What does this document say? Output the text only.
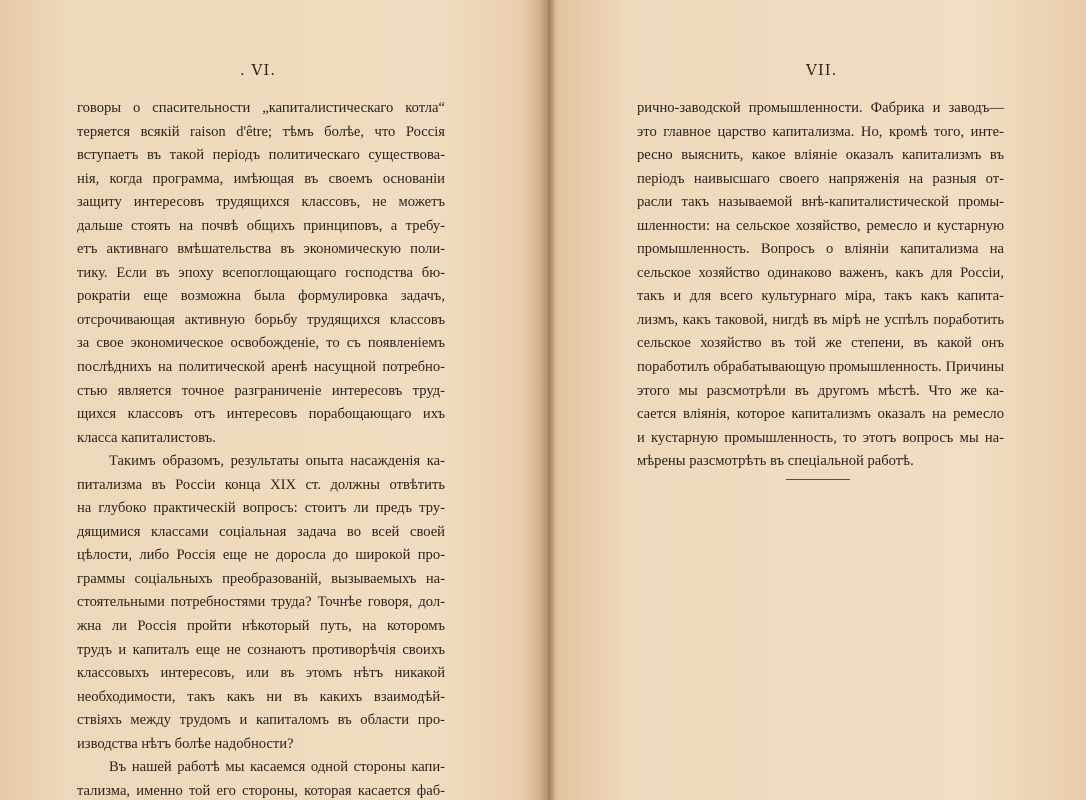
. VI.
говоры о спасительности „капиталистическаго котла“
теряется всякій raison d'être; тѣмъ болѣе, что Россія
вступаетъ въ такой періодъ политическаго существова-
нія, когда программа, имѣющая въ своемъ основаніи
защиту интересовъ трудящихся классовъ, не можетъ
дальше стоять на почвѣ общихъ принциповъ, а требу-
етъ активнаго вмѣшательства въ экономическую поли-
тику. Если въ эпоху всепоглощающаго господства бю-
рократіи еще возможна была формулировка задачъ,
отсрочивающая активную борьбу трудящихся классовъ
за свое экономическое освобожденіе, то съ появленіемъ
послѣднихъ на политической аренѣ насущной потребно-
стью является точное разграниченіе интересовъ труд-
щихся классовъ отъ интересовъ порабощающаго ихъ
класса капиталистовъ.
Такимъ образомъ, результаты опыта насажденія ка-
питализма въ Россіи конца XIX ст. должны отвѣтить
на глубоко практическій вопросъ: стоитъ ли предъ тру-
дящимися классами соціальная задача во всей своей
цѣлости, либо Россія еще не доросла до широкой про-
граммы соціальныхъ преобразованій, вызываемыхъ на-
стоятельными потребностями труда? Точнѣе говоря, дол-
жна ли Россія пройти нѣкоторый путь, на которомъ
трудъ и капиталъ еще не сознаютъ противорѣчія своихъ
классовыхъ интересовъ, или въ этомъ нѣтъ никакой
необходимости, такъ какъ ни въ какихъ взаимодѣй-
ствіяхъ между трудомъ и капиталомъ въ области про-
изводства нѣтъ болѣе надобности?
Въ нашей работѣ мы касаемся одной стороны капи-
тализма, именно той его стороны, которая касается фаб-
VII.
рично-заводской промышленности. Фабрика и заводъ—
это главное царство капитализма. Но, кромѣ того, инте-
ресно выяснить, какое вліяніе оказалъ капитализмъ въ
періодъ наивысшаго своего напряженія на разныя от-
расли такъ называемой внѣ-капиталистической промы-
шленности: на сельское хозяйство, ремесло и кустарную
промышленность. Вопросъ о вліяніи капитализма на
сельское хозяйство одинаково важенъ, какъ для Россіи,
такъ и для всего культурнаго міра, такъ какъ капита-
лизмъ, какъ таковой, нигдѣ въ мірѣ не успѣлъ поработить
сельское хозяйство въ той же степени, въ какой онъ
поработилъ обрабатывающую промышленность. Причины
этого мы разсмотрѣли въ другомъ мѣстѣ. Что же ка-
сается вліянія, которое капитализмъ оказалъ на ремесло
и кустарную промышленность, то этотъ вопросъ мы на-
мѣрены разсмотрѣть въ спеціальной работѣ.
